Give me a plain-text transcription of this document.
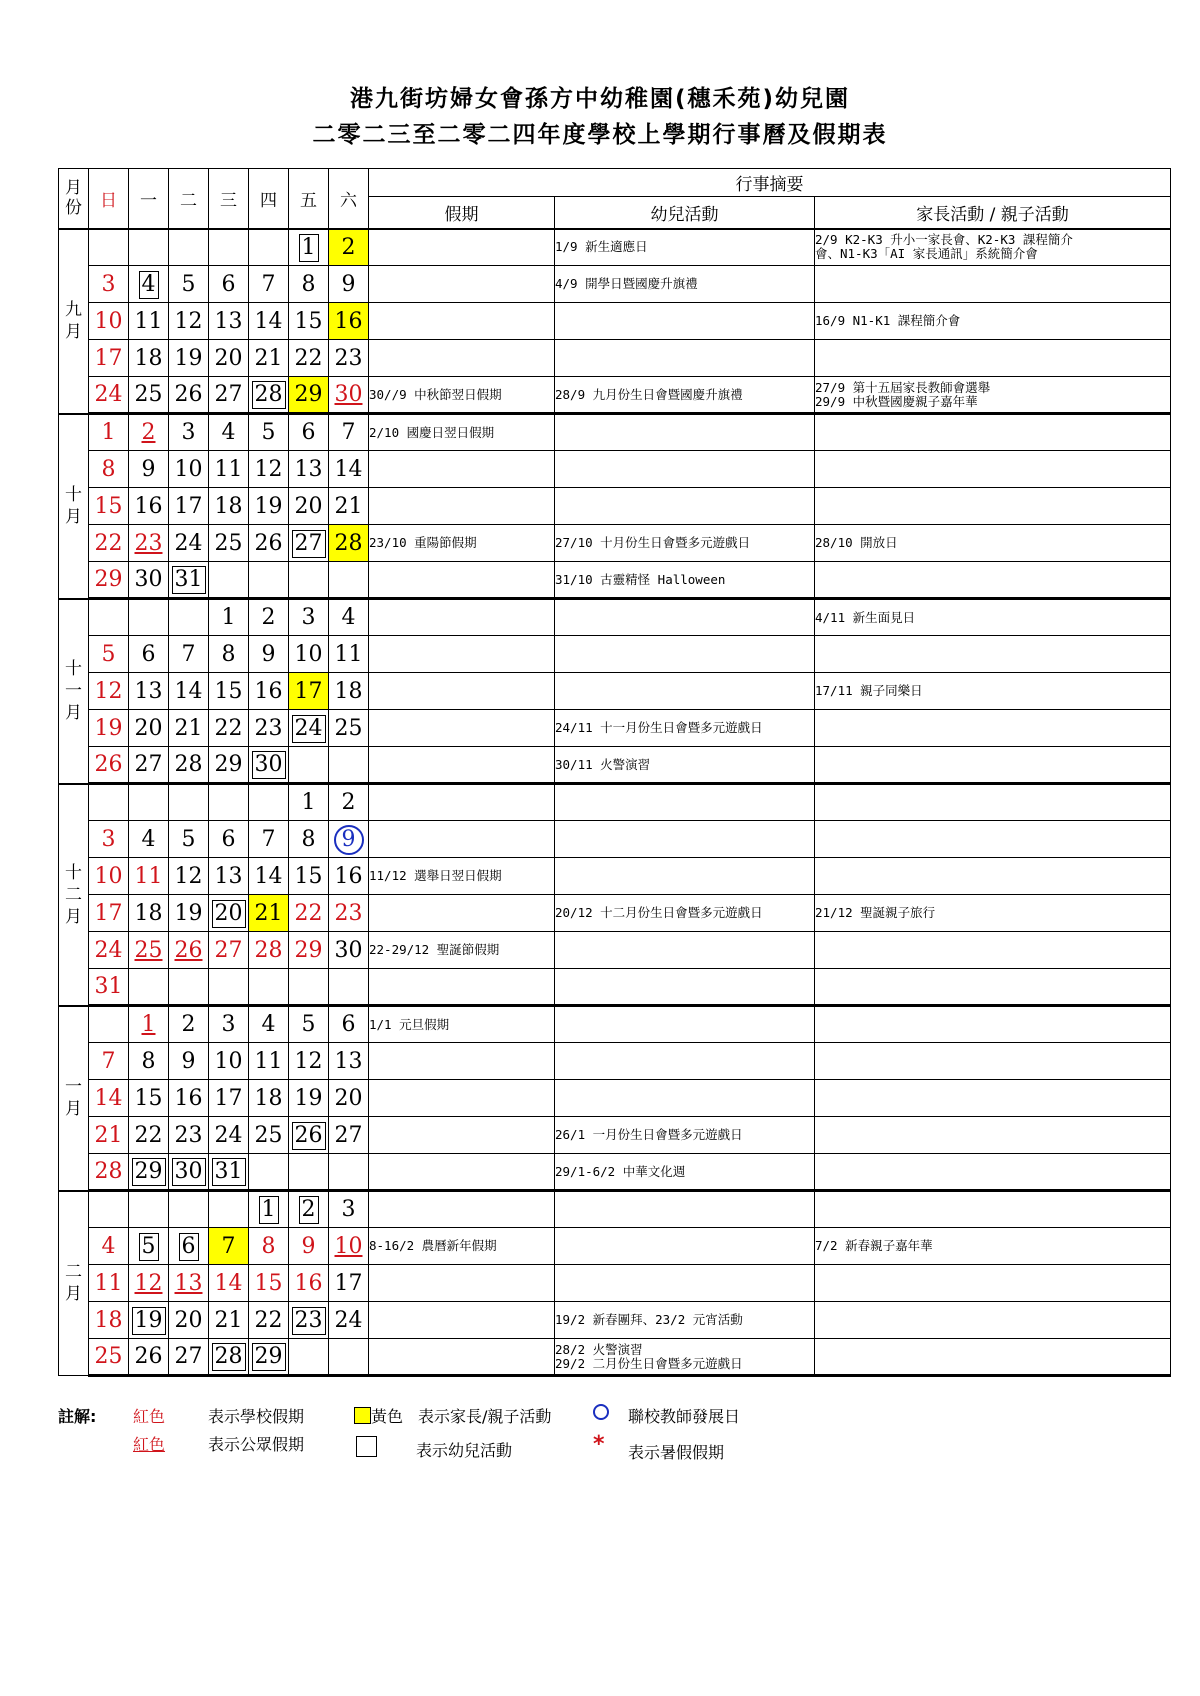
港九街坊婦女會孫方中幼稚園(穗禾苑)幼兒園
二零二三至二零二四年度學校上學期行事曆及假期表
月份	日	一	二	三	四	五	六	行事摘要		
								假期	幼兒活動	家長活動 / 親子活動
九月						1	2		1/9 新生適應日	2/9 K2-K3 升小一家長會、K2-K3 課程簡介
會、N1-K3「AI 家長通訊」系統簡介會

	3	4	5	6	7	8	9		4/9 開學日暨國慶升旗禮	

	10	11	12	13	14	15	16			16/9 N1-K1 課程簡介會

	17	18	19	20	21	22	23	

	24	25	26	27	28	29	30	30//9 中秋節翌日假期	28/9 九月份生日會暨國慶升旗禮	27/9 第十五屆家長教師會選舉
29/9 中秋暨國慶親子嘉年華

十月	1	2	3	4	5	6	7	2/10 國慶日翌日假期		

	8	9	10	11	12	13	14	

	15	16	17	18	19	20	21	

	22	23	24	25	26	27	28	23/10 重陽節假期	27/10 十月份生日會暨多元遊戲日	28/10 開放日

	29	30	31						31/10 古靈精怪 Halloween	

十一月				1	2	3	4			4/11 新生面見日

	5	6	7	8	9	10	11	

	12	13	14	15	16	17	18			17/11 親子同樂日

	19	20	21	22	23	24	25		24/11 十一月份生日會暨多元遊戲日	

	26	27	28	29	30				30/11 火警演習	

十二月						1	2	

	3	4	5	6	7	8	9	

	10	11	12	13	14	15	16	11/12 選舉日翌日假期		

	17	18	19	20	21	22	23		20/12 十二月份生日會暨多元遊戲日	21/12 聖誕親子旅行

	24	25	26	27	28	29	30	22-29/12 聖誕節假期		

	31							

一月		1	2	3	4	5	6	1/1 元旦假期		

	7	8	9	10	11	12	13	

	14	15	16	17	18	19	20	

	21	22	23	24	25	26	27		26/1 一月份生日會暨多元遊戲日	

	28	29	30	31					29/1-6/2 中華文化週	

二月					1	2	3	

	4	5	6	7	8	9	10	8-16/2 農曆新年假期		7/2 新春親子嘉年華

	11	12	13	14	15	16	17	

	18	19	20	21	22	23	24		19/2 新春團拜、23/2 元宵活動	

	25	26	27	28	29				28/2 火警演習
29/2 二月份生日會暨多元遊戲日	

註解: 紅色	表示學校假期	黃色 表示家長/親子活動	聯校教師發展日
紅色	表示公眾假期	表示幼兒活動	* 表示暑假假期
